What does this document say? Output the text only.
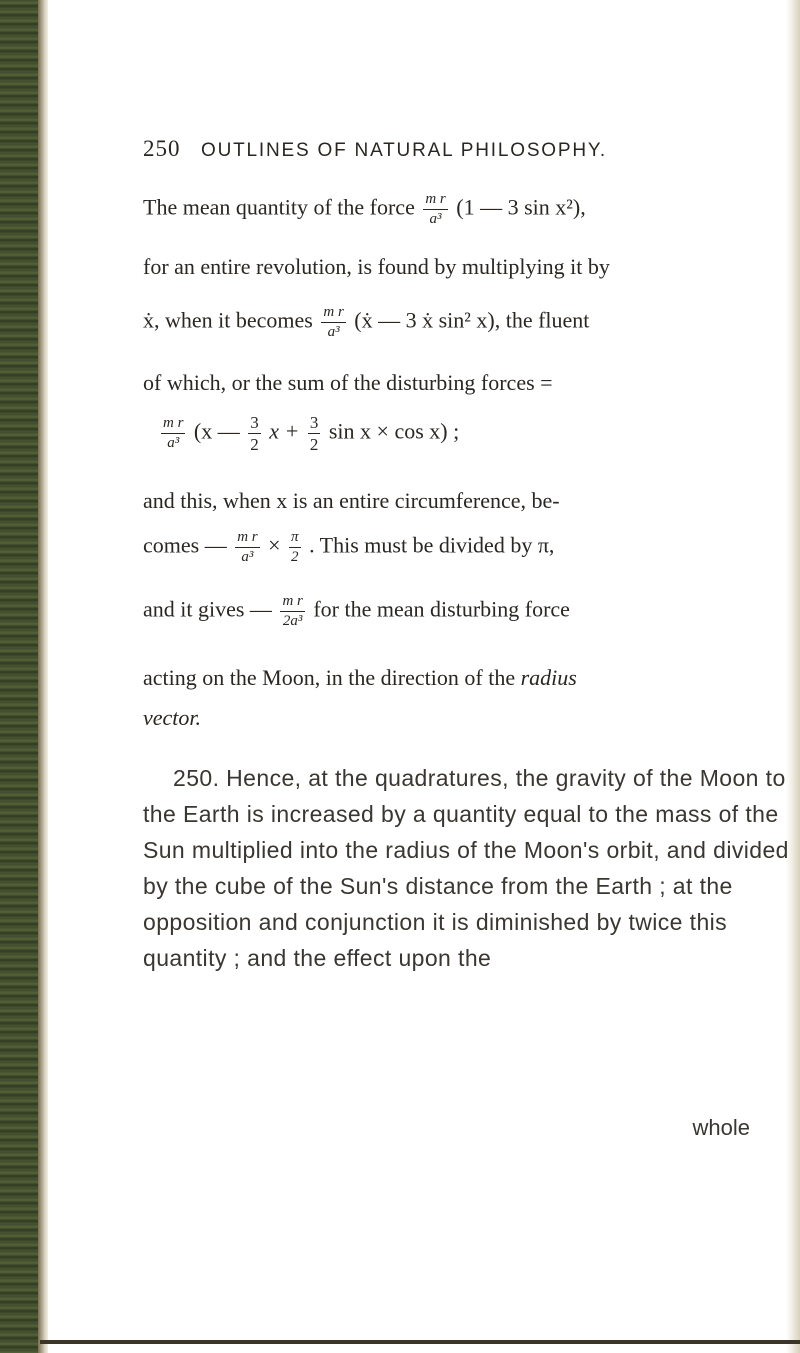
250 OUTLINES OF NATURAL PHILOSOPHY.
The mean quantity of the force $\frac{\text{m r}}{\text{a³}} (1$ — 3 sin x²),
for an entire revolution, is found by multiplying it by
ẋ, when it becomes $\frac{\text{m r}}{\text{a³}}$ (ẋ — 3 ẋ sin² x), the fluent
of which, or the sum of the disturbing forces =
$\frac{\text{m r}}{\text{a³}} (x$ — $\frac{3}{2}$ $x + \frac{3}{2}$ sin x × cos x) ;
and this, when x is an entire circumference, be-
comes — $\frac{\text{m r}}{\text{a³}} \times \frac{\pi}{2}$ . This must be divided by π,
and it gives — $\frac{\text{m r}}{\text{2a³}}$ for the mean disturbing force
acting on the Moon, in the direction of the radius
vector.
250. Hence, at the quadratures, the gravity of the Moon to the Earth is increased by a quantity equal to the mass of the Sun multiplied into the radius of the Moon's orbit, and divided by the cube of the Sun's distance from the Earth ; at the opposition and conjunction it is diminished by twice this quantity ; and the effect upon the
whole
